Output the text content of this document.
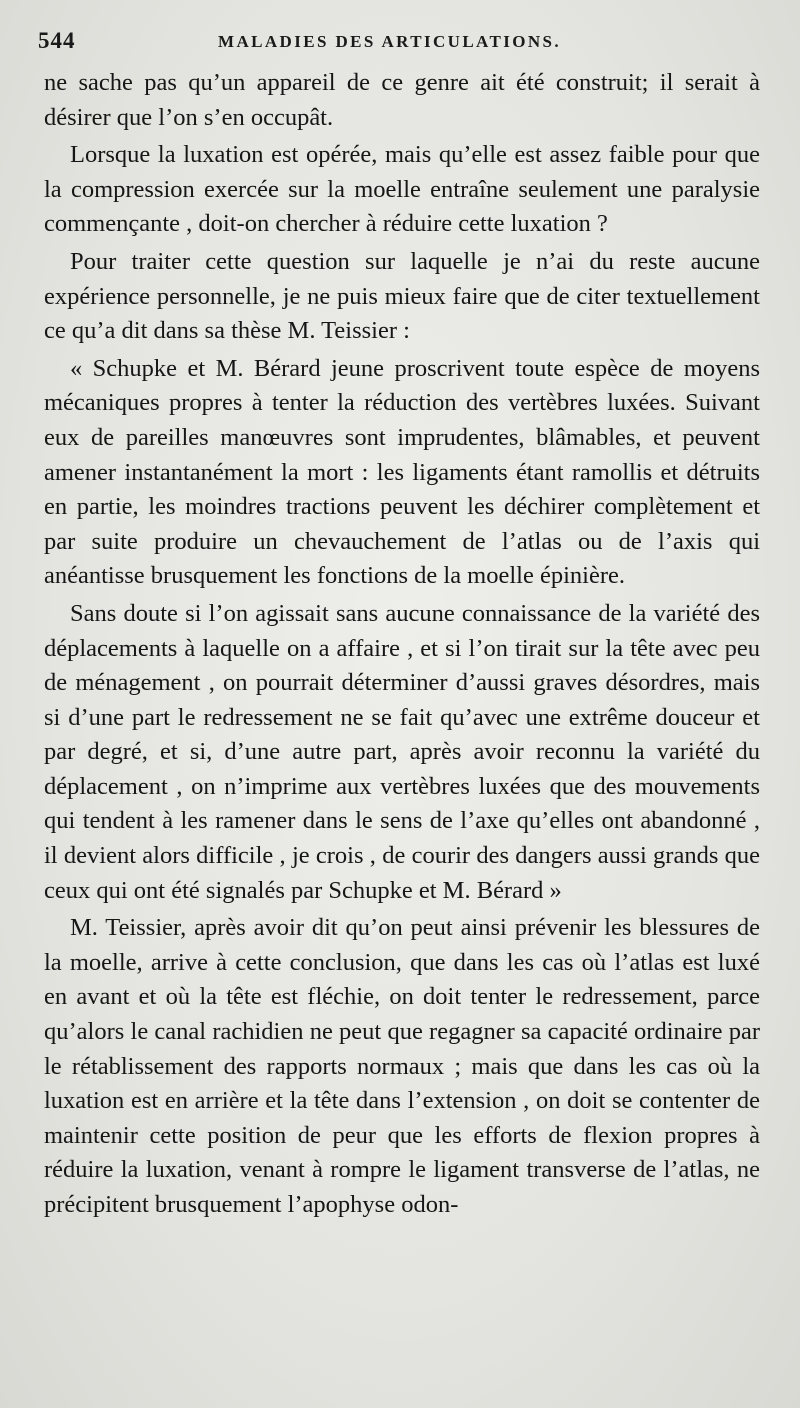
544	MALADIES DES ARTICULATIONS.

ne sache pas qu’un appareil de ce genre ait été construit; il serait à désirer que l’on s’en occupât.

Lorsque la luxation est opérée, mais qu’elle est assez faible pour que la compression exercée sur la moelle entraîne seulement une paralysie commençante , doit-on chercher à réduire cette luxation ?

Pour traiter cette question sur laquelle je n’ai du reste aucune expérience personnelle, je ne puis mieux faire que de citer textuellement ce qu’a dit dans sa thèse M. Teissier :

« Schupke et M. Bérard jeune proscrivent toute espèce de moyens mécaniques propres à tenter la réduction des vertèbres luxées. Suivant eux de pareilles manœuvres sont imprudentes, blâmables, et peuvent amener instantanément la mort : les ligaments étant ramollis et détruits en partie, les moindres tractions peuvent les déchirer complètement et par suite produire un chevauchement de l’atlas ou de l’axis qui anéantisse brusquement les fonctions de la moelle épinière.

Sans doute si l’on agissait sans aucune connaissance de la variété des déplacements à laquelle on a affaire , et si l’on tirait sur la tête avec peu de ménagement , on pourrait déterminer d’aussi graves désordres, mais si d’une part le redressement ne se fait qu’avec une extrême douceur et par degré, et si, d’une autre part, après avoir reconnu la variété du déplacement , on n’imprime aux vertèbres luxées que des mouvements qui tendent à les ramener dans le sens de l’axe qu’elles ont abandonné , il devient alors difficile , je crois , de courir des dangers aussi grands que ceux qui ont été signalés par Schupke et M. Bérard »

M. Teissier, après avoir dit qu’on peut ainsi prévenir les blessures de la moelle, arrive à cette conclusion, que dans les cas où l’atlas est luxé en avant et où la tête est fléchie, on doit tenter le redressement, parce qu’alors le canal rachidien ne peut que regagner sa capacité ordinaire par le rétablissement des rapports normaux ; mais que dans les cas où la luxation est en arrière et la tête dans l’extension , on doit se contenter de maintenir cette position de peur que les efforts de flexion propres à réduire la luxation, venant à rompre le ligament transverse de l’atlas, ne précipitent brusquement l’apophyse odon-
